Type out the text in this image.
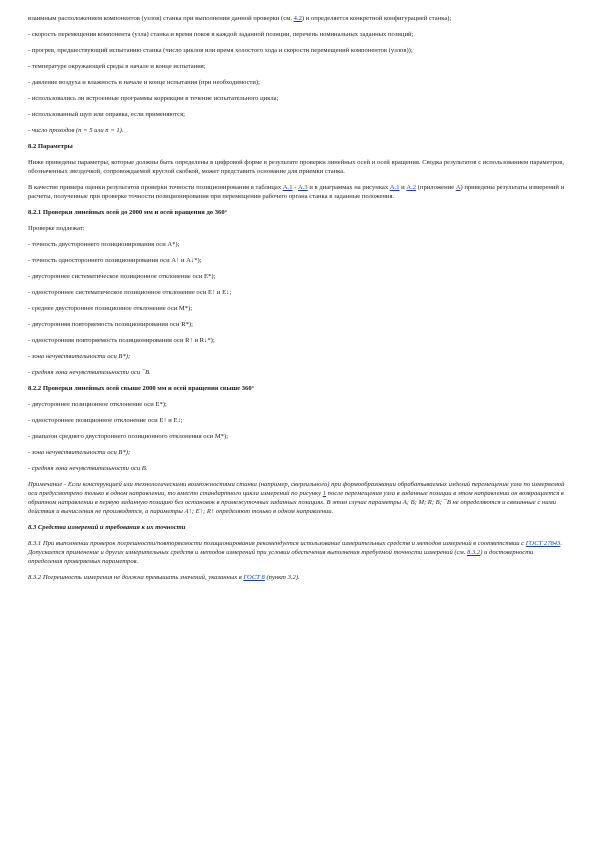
взаимным расположением компонентов (узлов) станка при выполнении данной проверки (см. 4.2) и определяется конкретной конфигурацией станка);

- скорость перемещения компонента (узла) станка и время покоя в каждой заданной позиции, перечень номинальных заданных позиций;

- прогрев, предшествующий испытанию станка (число циклов или время холостого хода и скорости перемещений компонентов (узлов));

- температуре окружающей среды в начале и конце испытания;

- давление воздуха и влажность в начале и конце испытания (при необходимости);

- использовались ли встроенные программы коррекции в течение испытательного цикла;

- использованный щуп или оправка, если применяются;

- число проходов (n = 5 или n = 1).

8.2 Параметры

Ниже приведены параметры, которые должны быть определены в цифровой форме в результате проверки линейных осей и осей вращения. Сводка результатов с использованием параметров, обозначенных звездочкой, сопровождаемой круглой скобкой, может представить основание для приемки станка.

В качестве примера оценки результатов проверки точности позиционирования в таблицах А.1 - А.3 и в диаграммах на рисунках А.1 и А.2 (приложение А) приведены результаты измерений и расчеты, полученные при проверке точности позиционирования при перемещении рабочего органа станка в заданные положения.

8.2.1 Проверки линейных осей до 2000 мм и осей вращения до 360°

Проверке подлежат:

- точность двустороннего позиционирования оси A*);

- точность одностороннего позиционирования оси A↑ и A↓*);

- двустороннее систематическое позиционное отклонение оси E*);

- одностороннее систематическое позиционное отклонение оси E↑ и E↓;

- среднее двустороннее позиционное отклонение оси M*);

- двусторонняя повторяемость позиционирования оси R*);

- односторонняя повторяемость позиционирования оси R↑ и R↓*);

- зона нечувствительности оси B*);

- средняя зона нечувствительности оси ¯B.

8.2.2 Проверки линейных осей свыше 2000 мм и осей вращения свыше 360°

- двустороннее позиционное отклонение оси E*);

- одностороннее позиционное отклонение оси E↑ и E↓;

- диапазон среднего двустороннего позиционного отклонения оси M*);

- зона нечувствительности оси B*);

- средняя зона нечувствительности оси B.

Примечание - Если конструкцией или технологическими возможностями станка (например, сверлильного) при формообразовании обрабатываемых изделий перемещение узла по измеряемой оси предусмотрено только в одном направлении, то вместо стандартного цикла измерений по рисунку 1 после перемещения узла в заданные позиции в этом направлении он возвращается в обратном направлении в первую заданную позицию без остановок в промежуточных заданных позициях. В этом случае параметры A; B; M; R; B; ¯B не определяются и связанные с ними действия и вычисления не производятся, а параметры A↑; E↑; R↑ определяют только в одном направлении.

8.3 Средства измерений и требования к их точности

8.3.1 При выполнении проверок погрешности/повторяемости позиционирования рекомендуется использование измерительных средств и методов измерений в соответствии с ГОСТ 27843. Допускается применение и других измерительных средств и методов измерений при условии обеспечения выполнения требуемой точности измерений (см. 8.3.2) и достоверности определения проверяемых параметров.

8.3.2 Погрешность измерения не должна превышать значений, указанных в ГОСТ 8 (пункт 3.2).
